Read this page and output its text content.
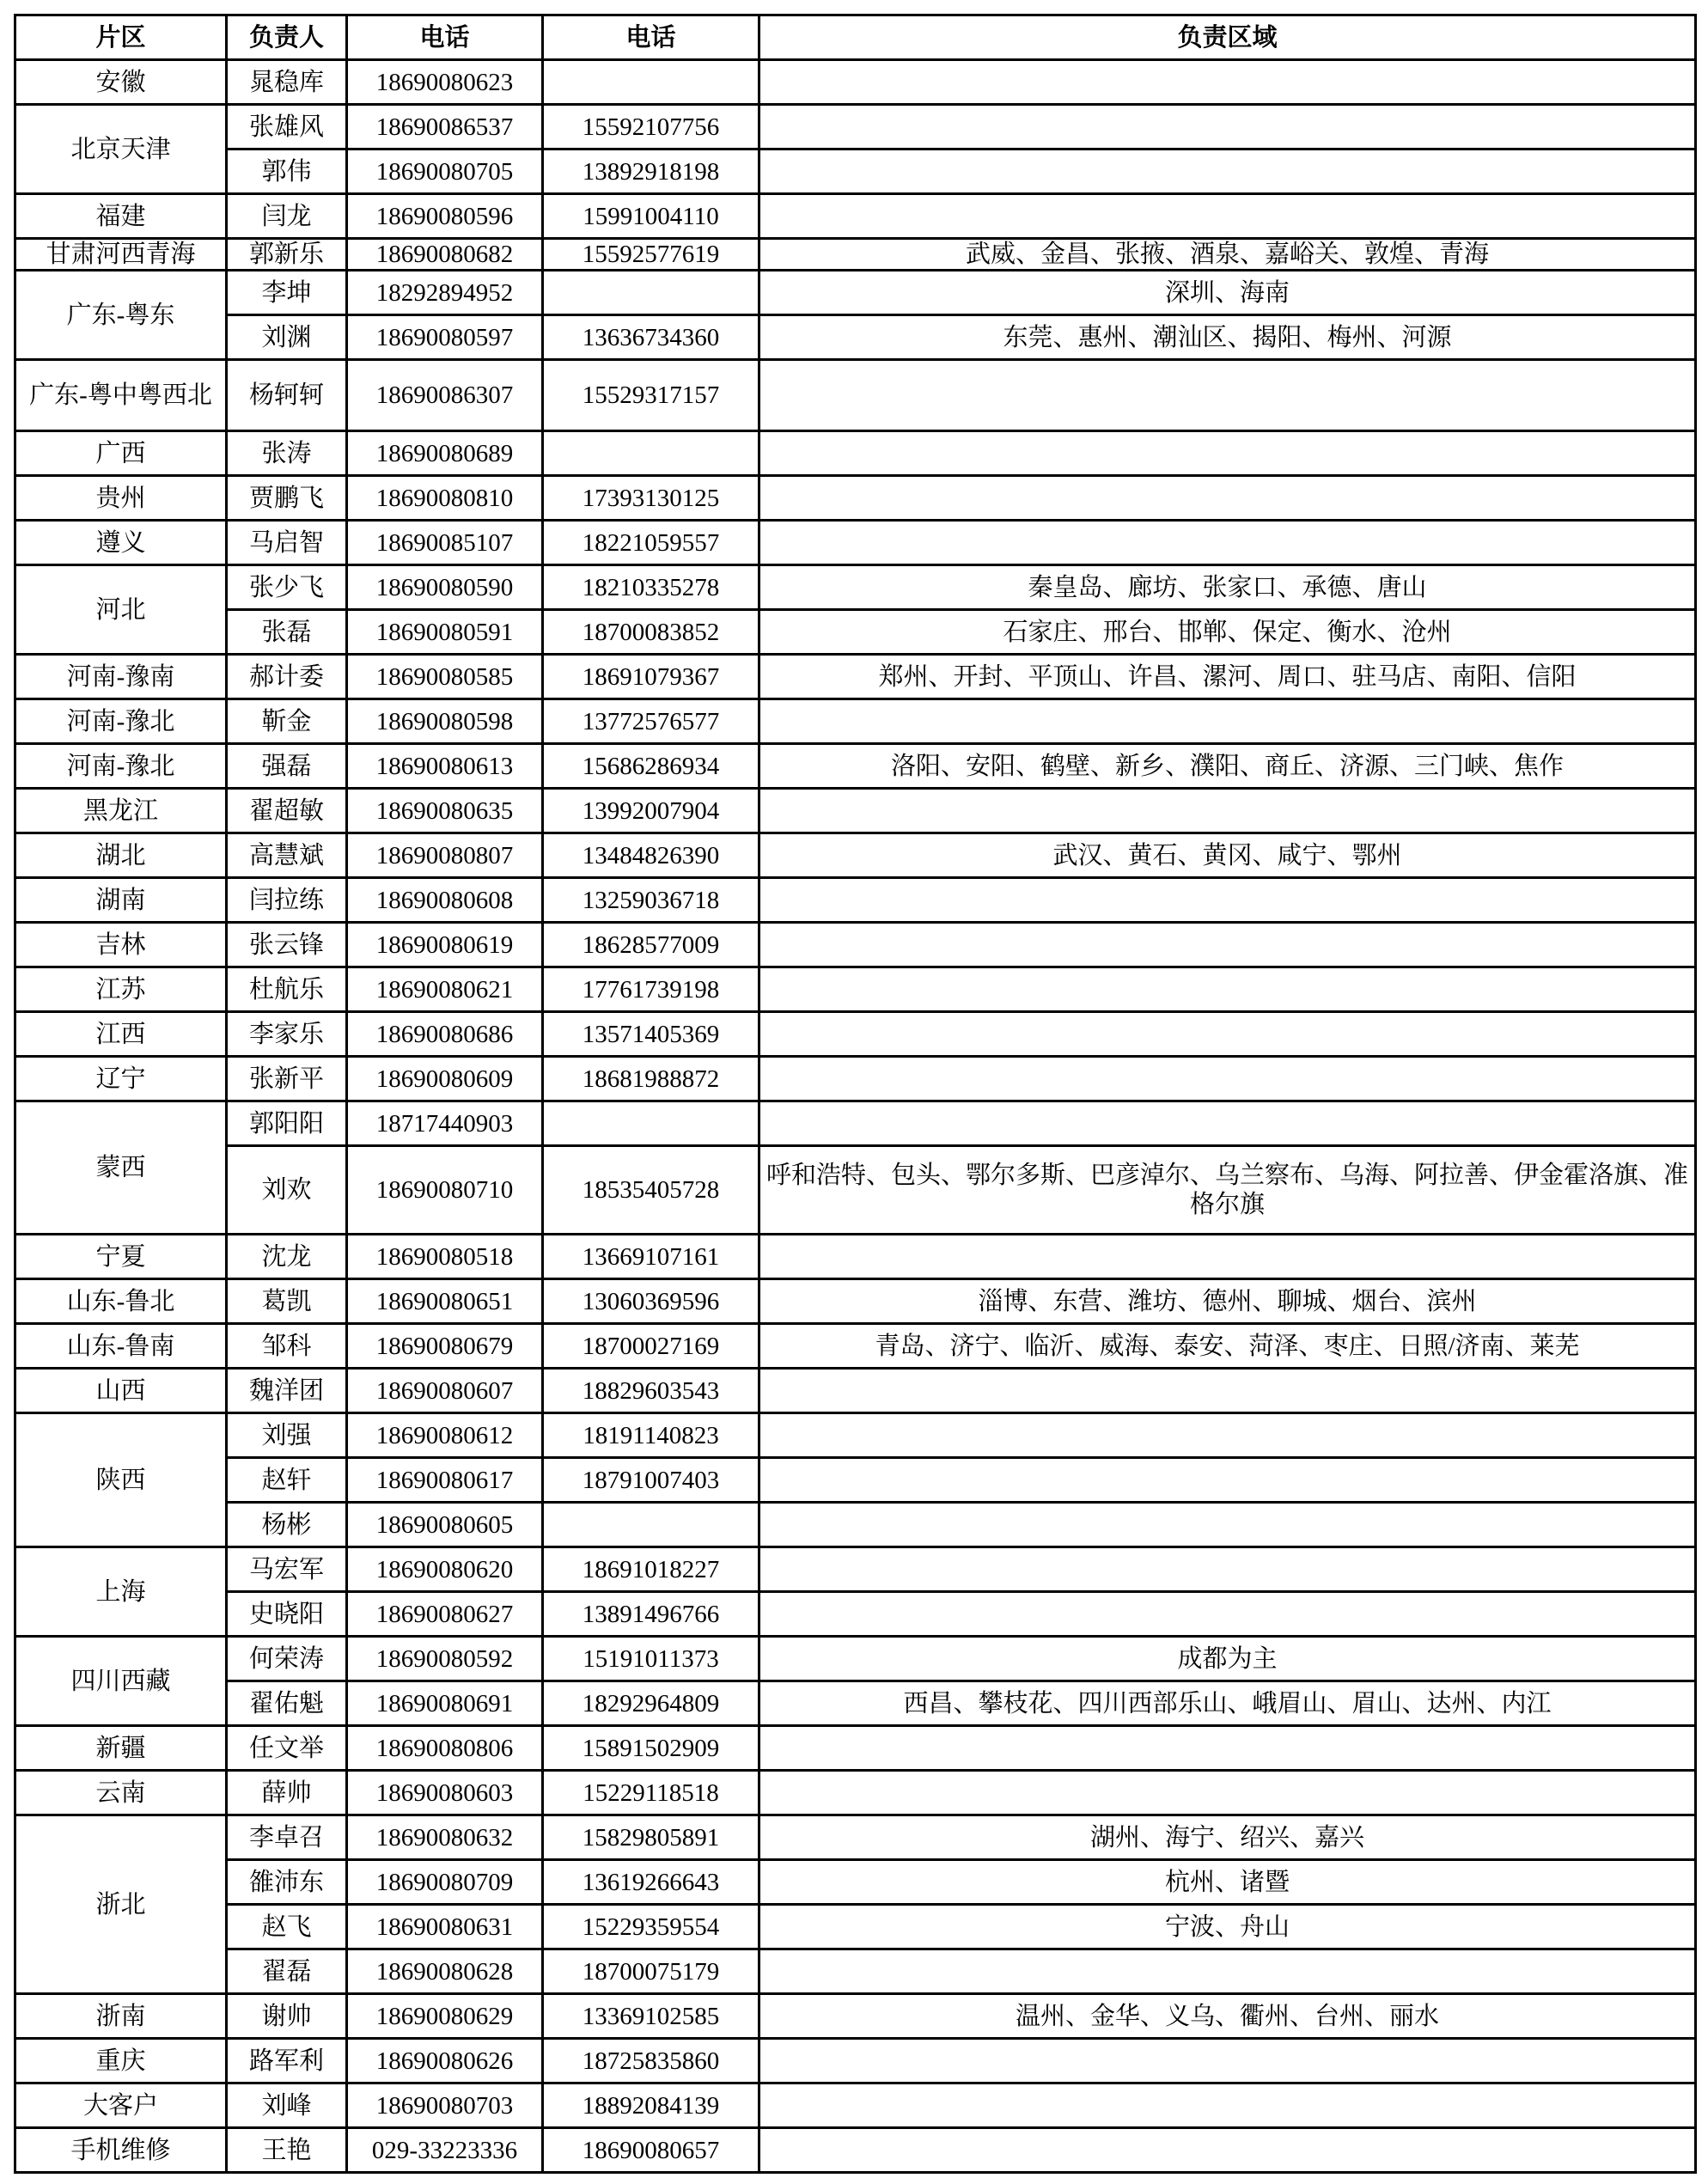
片区	负责人	电话	电话	负责区域
安徽	晁稳库	18690080623		
北京天津	张雄风	18690086537	15592107756	
	郭伟	18690080705	13892918198	
福建	闫龙	18690080596	15991004110	
甘肃河西青海	郭新乐	18690080682	15592577619	武威、金昌、张掖、酒泉、嘉峪关、敦煌、青海
广东-粤东	李坤	18292894952		深圳、海南
	刘渊	18690080597	13636734360	东莞、惠州、潮汕区、揭阳、梅州、河源
广东-粤中粤西北	杨轲轲	18690086307	15529317157	
广西	张涛	18690080689		
贵州	贾鹏飞	18690080810	17393130125	
遵义	马启智	18690085107	18221059557	
河北	张少飞	18690080590	18210335278	秦皇岛、廊坊、张家口、承德、唐山
	张磊	18690080591	18700083852	石家庄、邢台、邯郸、保定、衡水、沧州
河南-豫南	郝计委	18690080585	18691079367	郑州、开封、平顶山、许昌、漯河、周口、驻马店、南阳、信阳
河南-豫北	靳金	18690080598	13772576577	
河南-豫北	强磊	18690080613	15686286934	洛阳、安阳、鹤壁、新乡、濮阳、商丘、济源、三门峡、焦作
黑龙江	翟超敏	18690080635	13992007904	
湖北	高慧斌	18690080807	13484826390	武汉、黄石、黄冈、咸宁、鄂州
湖南	闫拉练	18690080608	13259036718	
吉林	张云锋	18690080619	18628577009	
江苏	杜航乐	18690080621	17761739198	
江西	李家乐	18690080686	13571405369	
辽宁	张新平	18690080609	18681988872	
蒙西	郭阳阳	18717440903		
	刘欢	18690080710	18535405728	呼和浩特、包头、鄂尔多斯、巴彦淖尔、乌兰察布、乌海、阿拉善、伊金霍洛旗、准格尔旗
宁夏	沈龙	18690080518	13669107161	
山东-鲁北	葛凯	18690080651	13060369596	淄博、东营、潍坊、德州、聊城、烟台、滨州
山东-鲁南	邹科	18690080679	18700027169	青岛、济宁、临沂、威海、泰安、菏泽、枣庄、日照/济南、莱芜
山西	魏洋团	18690080607	18829603543	
陕西	刘强	18690080612	18191140823	
	赵轩	18690080617	18791007403	
	杨彬	18690080605		
上海	马宏军	18690080620	18691018227	
	史晓阳	18690080627	13891496766	
四川西藏	何荣涛	18690080592	15191011373	成都为主
	翟佑魁	18690080691	18292964809	西昌、攀枝花、四川西部乐山、峨眉山、眉山、达州、内江
新疆	任文举	18690080806	15891502909	
云南	薛帅	18690080603	15229118518	
浙北	李卓召	18690080632	15829805891	湖州、海宁、绍兴、嘉兴
	雒沛东	18690080709	13619266643	杭州、诸暨
	赵飞	18690080631	15229359554	宁波、舟山
	翟磊	18690080628	18700075179	
浙南	谢帅	18690080629	13369102585	温州、金华、义乌、衢州、台州、丽水
重庆	路军利	18690080626	18725835860	
大客户	刘峰	18690080703	18892084139	
手机维修	王艳	029-33223336	18690080657	
